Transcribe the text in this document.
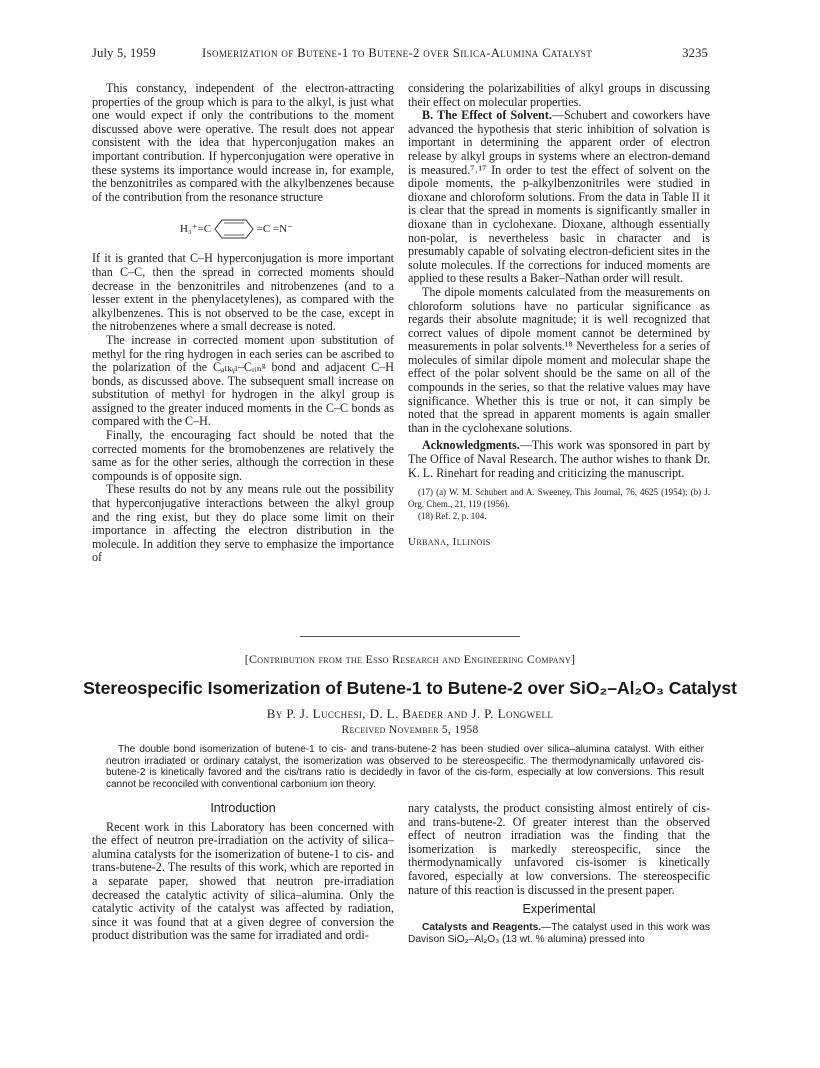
July 5, 1959	Isomerization of Butene-1 to Butene-2 over Silica-Alumina Catalyst	3235

This constancy, independent of the electron-attracting properties of the group which is para to the alkyl, is just what one would expect if only the contributions to the moment discussed above were operative. The result does not appear consistent with the idea that hyperconjugation makes an important contribution. If hyperconjugation were operative in these systems its importance would increase in, for example, the benzonitriles as compared with the alkylbenzenes because of the contribution from the resonance structure

H₃⁺=C	=C =N⁻

If it is granted that C–H hyperconjugation is more important than C–C, then the spread in corrected moments should decrease in the benzonitriles and nitrobenzenes (and to a lesser extent in the phenylacetylenes), as compared with the alkylbenzenes. This is not observed to be the case, except in the nitrobenzenes where a small decrease is noted.

The increase in corrected moment upon substitution of methyl for the ring hydrogen in each series can be ascribed to the polarization of the Cₐₗₖᵧₗ–Cᵣᵢₙᵍ bond and adjacent C–H bonds, as discussed above. The subsequent small increase on substitution of methyl for hydrogen in the alkyl group is assigned to the greater induced moments in the C–C bonds as compared with the C–H.

Finally, the encouraging fact should be noted that the corrected moments for the bromobenzenes are relatively the same as for the other series, although the correction in these compounds is of opposite sign.

These results do not by any means rule out the possibility that hyperconjugative interactions between the alkyl group and the ring exist, but they do place some limit on their importance in affecting the electron distribution in the molecule. In addition they serve to emphasize the importance of

considering the polarizabilities of alkyl groups in discussing their effect on molecular properties.

B. The Effect of Solvent.—Schubert and coworkers have advanced the hypothesis that steric inhibition of solvation is important in determining the apparent order of electron release by alkyl groups in systems where an electron-demand is measured.⁷˒¹⁷ In order to test the effect of solvent on the dipole moments, the p-alkylbenzonitriles were studied in dioxane and chloroform solutions. From the data in Table II it is clear that the spread in moments is significantly smaller in dioxane than in cyclohexane. Dioxane, although essentially non-polar, is nevertheless basic in character and is presumably capable of solvating electron-deficient sites in the solute molecules. If the corrections for induced moments are applied to these results a Baker–Nathan order will result.

The dipole moments calculated from the measurements on chloroform solutions have no particular significance as regards their absolute magnitude; it is well recognized that correct values of dipole moment cannot be determined by measurements in polar solvents.¹⁸ Nevertheless for a series of molecules of similar dipole moment and molecular shape the effect of the polar solvent should be the same on all of the compounds in the series, so that the relative values may have significance. Whether this is true or not, it can simply be noted that the spread in apparent moments is again smaller than in the cyclohexane solutions.

Acknowledgments.—This work was sponsored in part by The Office of Naval Research. The author wishes to thank Dr. K. L. Rinehart for reading and criticizing the manuscript.

(17) (a) W. M. Schubert and A. Sweeney, This Journal, 76, 4625 (1954); (b) J. Org. Chem., 21, 119 (1956).

(18) Ref. 2, p. 104.

Urbana, Illinois
[Contribution from the Esso Research and Engineering Company]
Stereospecific Isomerization of Butene-1 to Butene-2 over SiO₂–Al₂O₃ Catalyst
By P. J. Lucchesi, D. L. Baeder and J. P. Longwell
Received November 5, 1958
The double bond isomerization of butene-1 to cis- and trans-butene-2 has been studied over silica–alumina catalyst. With either neutron irradiated or ordinary catalyst, the isomerization was observed to be stereospecific. The thermodynamically unfavored cis-butene-2 is kinetically favored and the cis/trans ratio is decidedly in favor of the cis-form, especially at low conversions. This result cannot be reconciled with conventional carbonium ion theory.
Introduction

Recent work in this Laboratory has been concerned with the effect of neutron pre-irradiation on the activity of silica–alumina catalysts for the isomerization of butene-1 to cis- and trans-butene-2. The results of this work, which are reported in a separate paper, showed that neutron pre-irradiation decreased the catalytic activity of silica–alumina. Only the catalytic activity of the catalyst was affected by radiation, since it was found that at a given degree of conversion the product distribution was the same for irradiated and ordi-

nary catalysts, the product consisting almost entirely of cis- and trans-butene-2. Of greater interest than the observed effect of neutron irradiation was the finding that the isomerization is markedly stereospecific, since the thermodynamically unfavored cis-isomer is kinetically favored, especially at low conversions. The stereospecific nature of this reaction is discussed in the present paper.

Experimental

Catalysts and Reagents.—The catalyst used in this work was Davison SiO₂–Al₂O₃ (13 wt. % alumina) pressed into
